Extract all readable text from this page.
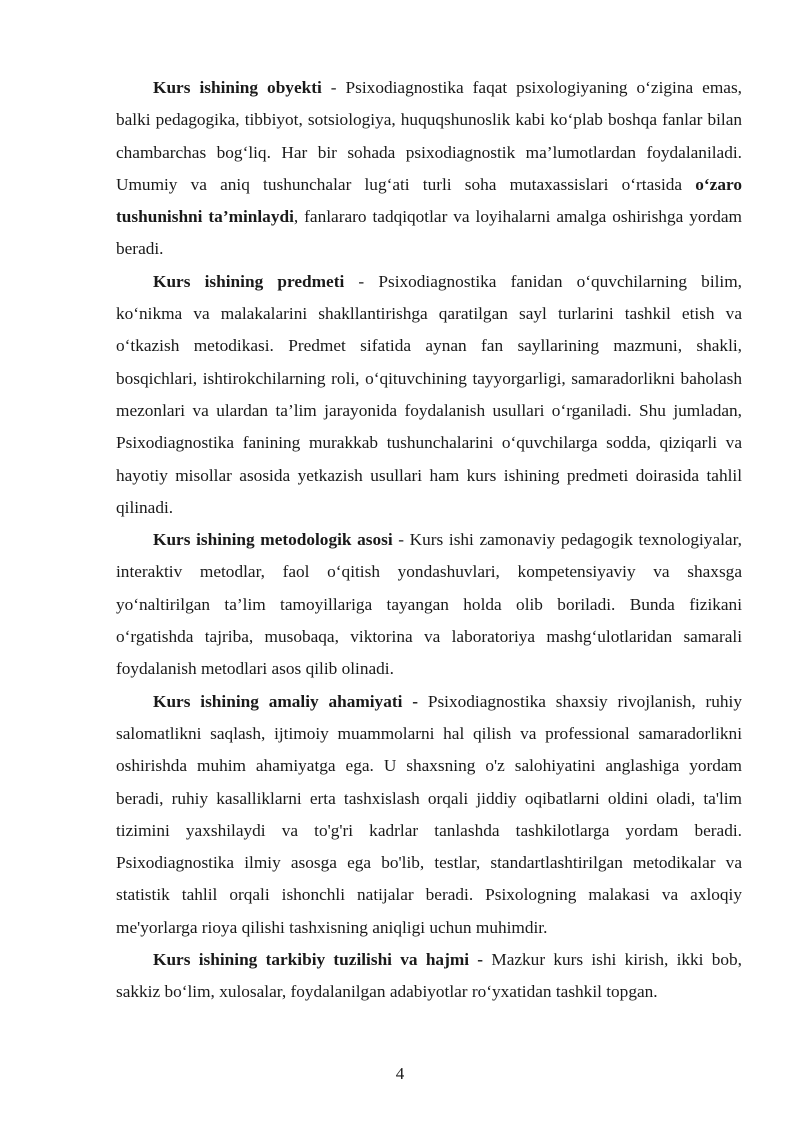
Kurs ishining obyekti - Psixodiagnostika faqat psixologiyaning o‘zigina emas, balki pedagogika, tibbiyot, sotsiologiya, huquqshunoslik kabi ko‘plab boshqa fanlar bilan chambarchas bog‘liq. Har bir sohada psixodiagnostik ma’lumotlardan foydalaniladi. Umumiy va aniq tushunchalar lug‘ati turli soha mutaxassislari o‘rtasida o‘zaro tushunishni ta’minlaydi, fanlararo tadqiqotlar va loyihalarni amalga oshirishga yordam beradi.

Kurs ishining predmeti - Psixodiagnostika fanidan o‘quvchilarning bilim, ko‘nikma va malakalarini shakllantirishga qaratilgan sayl turlarini tashkil etish va o‘tkazish metodikasi. Predmet sifatida aynan fan sayllarining mazmuni, shakli, bosqichlari, ishtirokchilarning roli, o‘qituvchining tayyorgarligi, samaradorlikni baholash mezonlari va ulardan ta’lim jarayonida foydalanish usullari o‘rganiladi. Shu jumladan, Psixodiagnostika fanining murakkab tushunchalarini o‘quvchilarga sodda, qiziqarli va hayotiy misollar asosida yetkazish usullari ham kurs ishining predmeti doirasida tahlil qilinadi.

Kurs ishining metodologik asosi - Kurs ishi zamonaviy pedagogik texnologiyalar, interaktiv metodlar, faol o‘qitish yondashuvlari, kompetensiyaviy va shaxsga yo‘naltirilgan ta’lim tamoyillariga tayangan holda olib boriladi. Bunda fizikani o‘rgatishda tajriba, musobaqa, viktorina va laboratoriya mashg‘ulotlaridan samarali foydalanish metodlari asos qilib olinadi.

Kurs ishining amaliy ahamiyati - Psixodiagnostika shaxsiy rivojlanish, ruhiy salomatlikni saqlash, ijtimoiy muammolarni hal qilish va professional samaradorlikni oshirishda muhim ahamiyatga ega. U shaxsning o'z salohiyatini anglashiga yordam beradi, ruhiy kasalliklarni erta tashxislash orqali jiddiy oqibatlarni oldini oladi, ta'lim tizimini yaxshilaydi va to'g'ri kadrlar tanlashda tashkilotlarga yordam beradi. Psixodiagnostika ilmiy asosga ega bo'lib, testlar, standartlashtirilgan metodikalar va statistik tahlil orqali ishonchli natijalar beradi. Psixologning malakasi va axloqiy me'yorlarga rioya qilishi tashxisning aniqligi uchun muhimdir.

Kurs ishining tarkibiy tuzilishi va hajmi - Mazkur kurs ishi kirish, ikki bob, sakkiz bo‘lim, xulosalar, foydalanilgan adabiyotlar ro‘yxatidan tashkil topgan.

4
